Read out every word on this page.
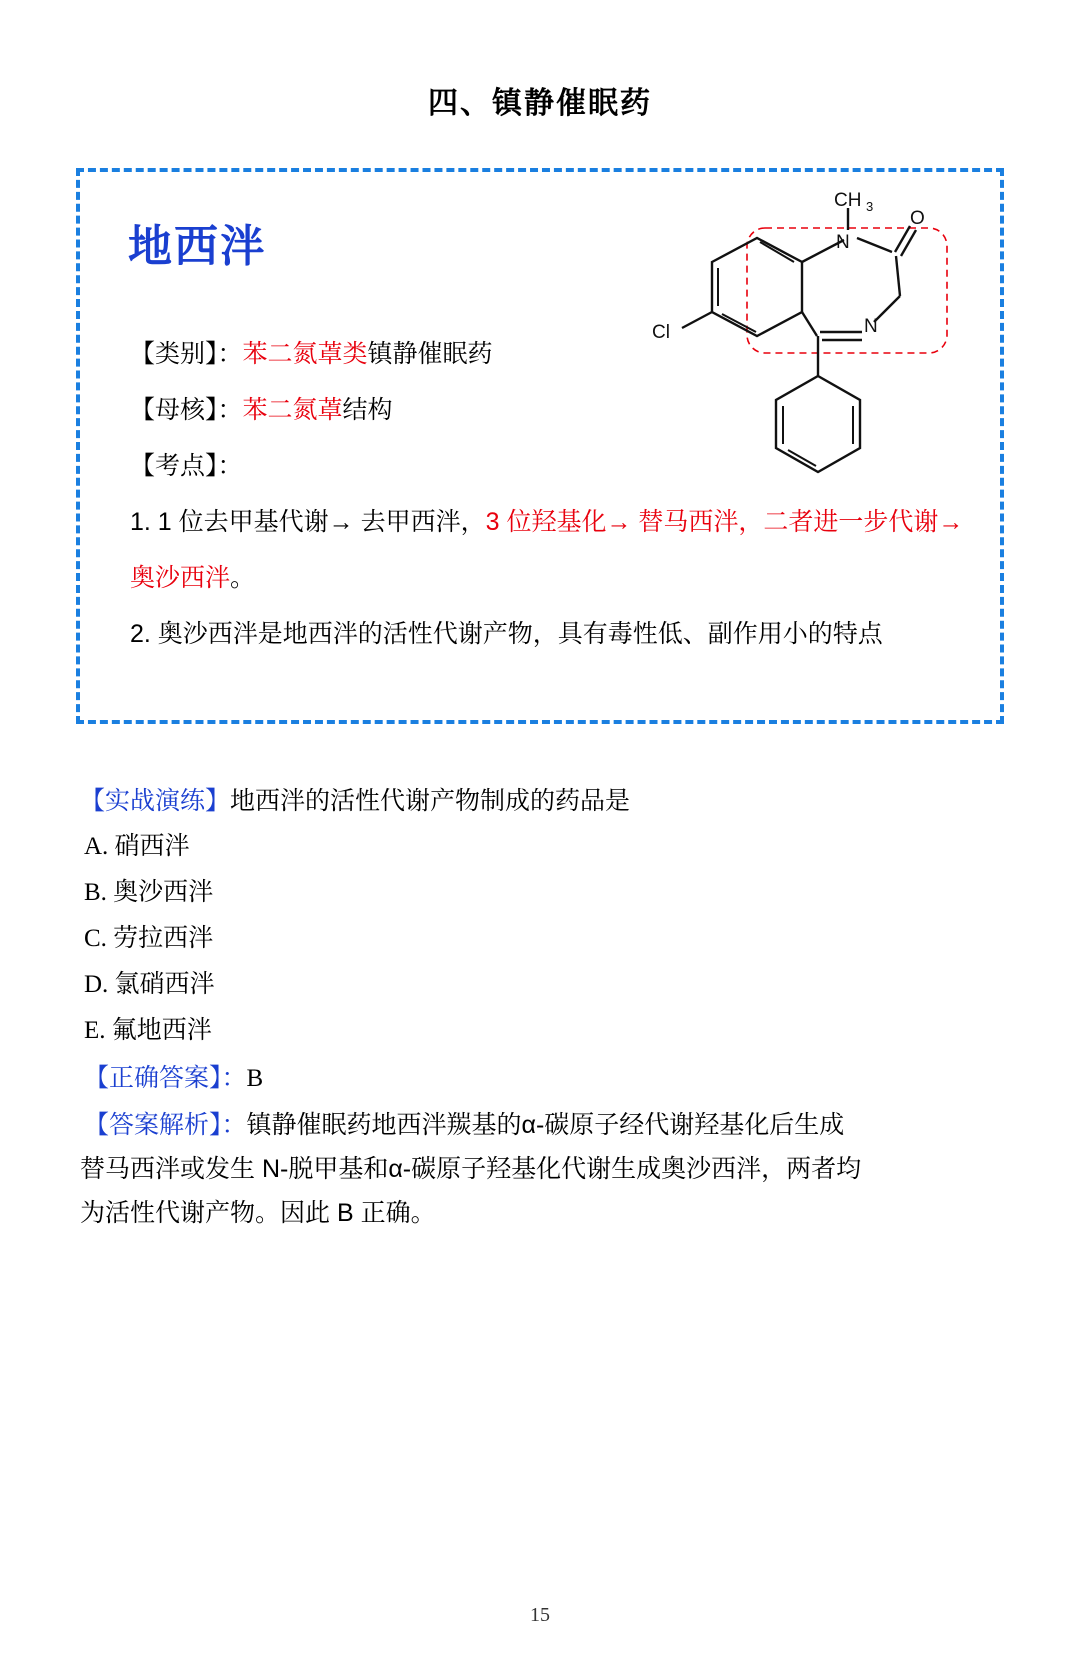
四、镇静催眠药
地西泮
Cl
N
O
CH 3
N
【类别】：苯二氮䓬类镇静催眠药
【母核】：苯二氮䓬结构
【考点】：
1. 1 位去甲基代谢→ 去甲西泮，3 位羟基化→ 替马西泮，二者进一步代谢→奥沙西泮。
2. 奥沙西泮是地西泮的活性代谢产物，具有毒性低、副作用小的特点
【实战演练】地西泮的活性代谢产物制成的药品是
A. 硝西泮
B. 奥沙西泮
C. 劳拉西泮
D. 氯硝西泮
E. 氟地西泮
【正确答案】：B
【答案解析】：镇静催眠药地西泮羰基的α‑碳原子经代谢羟基化后生成
替马西泮或发生 N‑脱甲基和α‑碳原子羟基化代谢生成奥沙西泮，两者均
为活性代谢产物。因此 B 正确。
15
